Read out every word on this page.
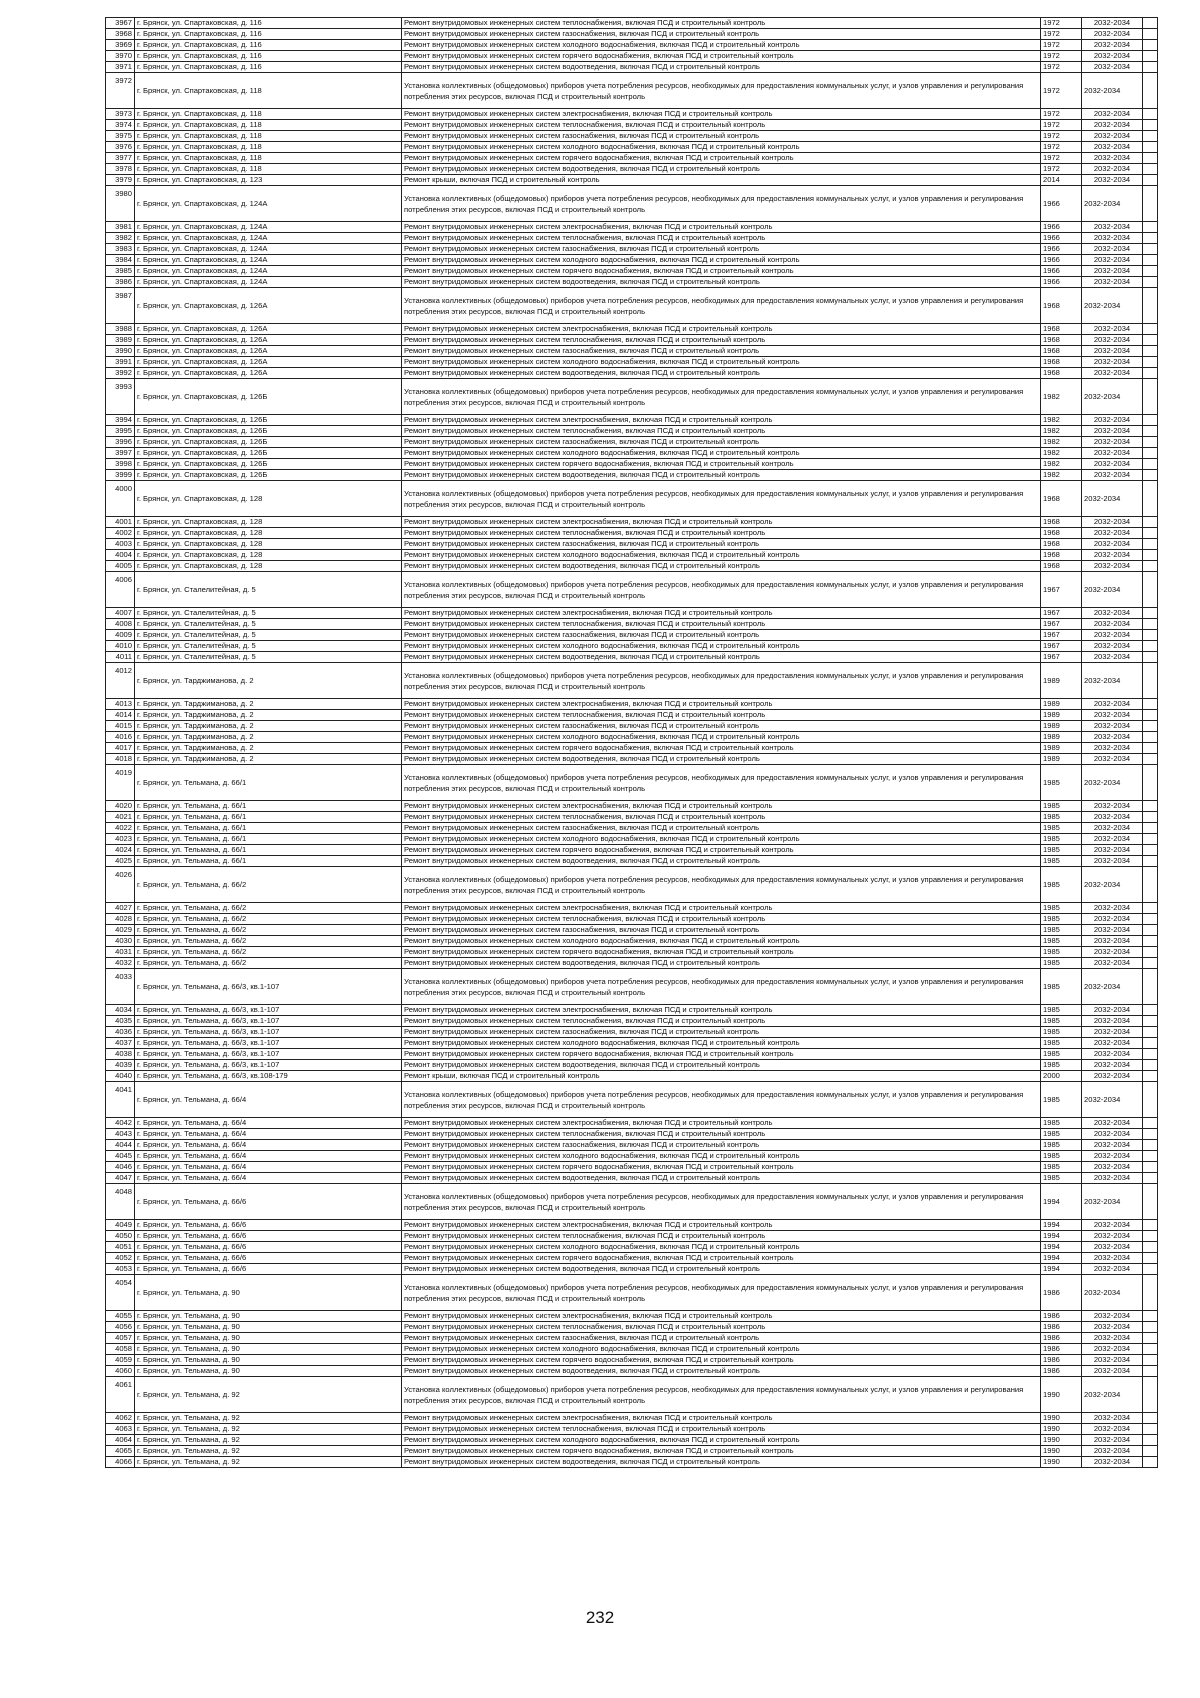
3967	г. Брянск, ул. Спартаковская, д. 116	Ремонт внутридомовых инженерных систем теплоснабжения, включая ПСД и строительный контроль	1972	2032-2034	
3968	г. Брянск, ул. Спартаковская, д. 116	Ремонт внутридомовых инженерных систем газоснабжения, включая ПСД и строительный контроль	1972	2032-2034	
3969	г. Брянск, ул. Спартаковская, д. 116	Ремонт внутридомовых инженерных систем холодного водоснабжения, включая ПСД и строительный контроль	1972	2032-2034	
3970	г. Брянск, ул. Спартаковская, д. 116	Ремонт внутридомовых инженерных систем горячего водоснабжения, включая ПСД и строительный контроль	1972	2032-2034	
3971	г. Брянск, ул. Спартаковская, д. 116	Ремонт внутридомовых инженерных систем водоотведения, включая ПСД и строительный контроль	1972	2032-2034	
3972	г. Брянск, ул. Спартаковская, д. 118	Установка коллективных (общедомовых) приборов учета потребления ресурсов, необходимых для предоставления коммунальных услуг, и узлов управления и регулирования потребления этих ресурсов, включая ПСД и строительный контроль	1972	2032-2034	
3973	г. Брянск, ул. Спартаковская, д. 118	Ремонт внутридомовых инженерных систем электроснабжения, включая ПСД и строительный контроль	1972	2032-2034	
3974	г. Брянск, ул. Спартаковская, д. 118	Ремонт внутридомовых инженерных систем теплоснабжения, включая ПСД и строительный контроль	1972	2032-2034	
3975	г. Брянск, ул. Спартаковская, д. 118	Ремонт внутридомовых инженерных систем газоснабжения, включая ПСД и строительный контроль	1972	2032-2034	
3976	г. Брянск, ул. Спартаковская, д. 118	Ремонт внутридомовых инженерных систем холодного водоснабжения, включая ПСД и строительный контроль	1972	2032-2034	
3977	г. Брянск, ул. Спартаковская, д. 118	Ремонт внутридомовых инженерных систем горячего водоснабжения, включая ПСД и строительный контроль	1972	2032-2034	
3978	г. Брянск, ул. Спартаковская, д. 118	Ремонт внутридомовых инженерных систем водоотведения, включая ПСД и строительный контроль	1972	2032-2034	
3979	г. Брянск, ул. Спартаковская, д. 123	Ремонт крыши, включая ПСД и строительный контроль	2014	2032-2034	
3980	г. Брянск, ул. Спартаковская, д. 124А	Установка коллективных (общедомовых) приборов учета потребления ресурсов, необходимых для предоставления коммунальных услуг, и узлов управления и регулирования потребления этих ресурсов, включая ПСД и строительный контроль	1966	2032-2034	
3981	г. Брянск, ул. Спартаковская, д. 124А	Ремонт внутридомовых инженерных систем электроснабжения, включая ПСД и строительный контроль	1966	2032-2034	
3982	г. Брянск, ул. Спартаковская, д. 124А	Ремонт внутридомовых инженерных систем теплоснабжения, включая ПСД и строительный контроль	1966	2032-2034	
3983	г. Брянск, ул. Спартаковская, д. 124А	Ремонт внутридомовых инженерных систем газоснабжения, включая ПСД и строительный контроль	1966	2032-2034	
3984	г. Брянск, ул. Спартаковская, д. 124А	Ремонт внутридомовых инженерных систем холодного водоснабжения, включая ПСД и строительный контроль	1966	2032-2034	
3985	г. Брянск, ул. Спартаковская, д. 124А	Ремонт внутридомовых инженерных систем горячего водоснабжения, включая ПСД и строительный контроль	1966	2032-2034	
3986	г. Брянск, ул. Спартаковская, д. 124А	Ремонт внутридомовых инженерных систем водоотведения, включая ПСД и строительный контроль	1966	2032-2034	
3987	г. Брянск, ул. Спартаковская, д. 126А	Установка коллективных (общедомовых) приборов учета потребления ресурсов, необходимых для предоставления коммунальных услуг, и узлов управления и регулирования потребления этих ресурсов, включая ПСД и строительный контроль	1968	2032-2034	
3988	г. Брянск, ул. Спартаковская, д. 126А	Ремонт внутридомовых инженерных систем электроснабжения, включая ПСД и строительный контроль	1968	2032-2034	
3989	г. Брянск, ул. Спартаковская, д. 126А	Ремонт внутридомовых инженерных систем теплоснабжения, включая ПСД и строительный контроль	1968	2032-2034	
3990	г. Брянск, ул. Спартаковская, д. 126А	Ремонт внутридомовых инженерных систем газоснабжения, включая ПСД и строительный контроль	1968	2032-2034	
3991	г. Брянск, ул. Спартаковская, д. 126А	Ремонт внутридомовых инженерных систем холодного водоснабжения, включая ПСД и строительный контроль	1968	2032-2034	
3992	г. Брянск, ул. Спартаковская, д. 126А	Ремонт внутридомовых инженерных систем водоотведения, включая ПСД и строительный контроль	1968	2032-2034	
3993	г. Брянск, ул. Спартаковская, д. 126Б	Установка коллективных (общедомовых) приборов учета потребления ресурсов, необходимых для предоставления коммунальных услуг, и узлов управления и регулирования потребления этих ресурсов, включая ПСД и строительный контроль	1982	2032-2034	
3994	г. Брянск, ул. Спартаковская, д. 126Б	Ремонт внутридомовых инженерных систем электроснабжения, включая ПСД и строительный контроль	1982	2032-2034	
3995	г. Брянск, ул. Спартаковская, д. 126Б	Ремонт внутридомовых инженерных систем теплоснабжения, включая ПСД и строительный контроль	1982	2032-2034	
3996	г. Брянск, ул. Спартаковская, д. 126Б	Ремонт внутридомовых инженерных систем газоснабжения, включая ПСД и строительный контроль	1982	2032-2034	
3997	г. Брянск, ул. Спартаковская, д. 126Б	Ремонт внутридомовых инженерных систем холодного водоснабжения, включая ПСД и строительный контроль	1982	2032-2034	
3998	г. Брянск, ул. Спартаковская, д. 126Б	Ремонт внутридомовых инженерных систем горячего водоснабжения, включая ПСД и строительный контроль	1982	2032-2034	
3999	г. Брянск, ул. Спартаковская, д. 126Б	Ремонт внутридомовых инженерных систем водоотведения, включая ПСД и строительный контроль	1982	2032-2034	
4000	г. Брянск, ул. Спартаковская, д. 128	Установка коллективных (общедомовых) приборов учета потребления ресурсов, необходимых для предоставления коммунальных услуг, и узлов управления и регулирования потребления этих ресурсов, включая ПСД и строительный контроль	1968	2032-2034	
4001	г. Брянск, ул. Спартаковская, д. 128	Ремонт внутридомовых инженерных систем электроснабжения, включая ПСД и строительный контроль	1968	2032-2034	
4002	г. Брянск, ул. Спартаковская, д. 128	Ремонт внутридомовых инженерных систем теплоснабжения, включая ПСД и строительный контроль	1968	2032-2034	
4003	г. Брянск, ул. Спартаковская, д. 128	Ремонт внутридомовых инженерных систем газоснабжения, включая ПСД и строительный контроль	1968	2032-2034	
4004	г. Брянск, ул. Спартаковская, д. 128	Ремонт внутридомовых инженерных систем холодного водоснабжения, включая ПСД и строительный контроль	1968	2032-2034	
4005	г. Брянск, ул. Спартаковская, д. 128	Ремонт внутридомовых инженерных систем водоотведения, включая ПСД и строительный контроль	1968	2032-2034	
4006	г. Брянск, ул. Сталелитейная, д. 5	Установка коллективных (общедомовых) приборов учета потребления ресурсов, необходимых для предоставления коммунальных услуг, и узлов управления и регулирования потребления этих ресурсов, включая ПСД и строительный контроль	1967	2032-2034	
4007	г. Брянск, ул. Сталелитейная, д. 5	Ремонт внутридомовых инженерных систем электроснабжения, включая ПСД и строительный контроль	1967	2032-2034	
4008	г. Брянск, ул. Сталелитейная, д. 5	Ремонт внутридомовых инженерных систем теплоснабжения, включая ПСД и строительный контроль	1967	2032-2034	
4009	г. Брянск, ул. Сталелитейная, д. 5	Ремонт внутридомовых инженерных систем газоснабжения, включая ПСД и строительный контроль	1967	2032-2034	
4010	г. Брянск, ул. Сталелитейная, д. 5	Ремонт внутридомовых инженерных систем холодного водоснабжения, включая ПСД и строительный контроль	1967	2032-2034	
4011	г. Брянск, ул. Сталелитейная, д. 5	Ремонт внутридомовых инженерных систем водоотведения, включая ПСД и строительный контроль	1967	2032-2034	
4012	г. Брянск, ул. Тарджиманова, д. 2	Установка коллективных (общедомовых) приборов учета потребления ресурсов, необходимых для предоставления коммунальных услуг, и узлов управления и регулирования потребления этих ресурсов, включая ПСД и строительный контроль	1989	2032-2034	
4013	г. Брянск, ул. Тарджиманова, д. 2	Ремонт внутридомовых инженерных систем электроснабжения, включая ПСД и строительный контроль	1989	2032-2034	
4014	г. Брянск, ул. Тарджиманова, д. 2	Ремонт внутридомовых инженерных систем теплоснабжения, включая ПСД и строительный контроль	1989	2032-2034	
4015	г. Брянск, ул. Тарджиманова, д. 2	Ремонт внутридомовых инженерных систем газоснабжения, включая ПСД и строительный контроль	1989	2032-2034	
4016	г. Брянск, ул. Тарджиманова, д. 2	Ремонт внутридомовых инженерных систем холодного водоснабжения, включая ПСД и строительный контроль	1989	2032-2034	
4017	г. Брянск, ул. Тарджиманова, д. 2	Ремонт внутридомовых инженерных систем горячего водоснабжения, включая ПСД и строительный контроль	1989	2032-2034	
4018	г. Брянск, ул. Тарджиманова, д. 2	Ремонт внутридомовых инженерных систем водоотведения, включая ПСД и строительный контроль	1989	2032-2034	
4019	г. Брянск, ул. Тельмана, д. 66/1	Установка коллективных (общедомовых) приборов учета потребления ресурсов, необходимых для предоставления коммунальных услуг, и узлов управления и регулирования потребления этих ресурсов, включая ПСД и строительный контроль	1985	2032-2034	
4020	г. Брянск, ул. Тельмана, д. 66/1	Ремонт внутридомовых инженерных систем электроснабжения, включая ПСД и строительный контроль	1985	2032-2034	
4021	г. Брянск, ул. Тельмана, д. 66/1	Ремонт внутридомовых инженерных систем теплоснабжения, включая ПСД и строительный контроль	1985	2032-2034	
4022	г. Брянск, ул. Тельмана, д. 66/1	Ремонт внутридомовых инженерных систем газоснабжения, включая ПСД и строительный контроль	1985	2032-2034	
4023	г. Брянск, ул. Тельмана, д. 66/1	Ремонт внутридомовых инженерных систем холодного водоснабжения, включая ПСД и строительный контроль	1985	2032-2034	
4024	г. Брянск, ул. Тельмана, д. 66/1	Ремонт внутридомовых инженерных систем горячего водоснабжения, включая ПСД и строительный контроль	1985	2032-2034	
4025	г. Брянск, ул. Тельмана, д. 66/1	Ремонт внутридомовых инженерных систем водоотведения, включая ПСД и строительный контроль	1985	2032-2034	
4026	г. Брянск, ул. Тельмана, д. 66/2	Установка коллективных (общедомовых) приборов учета потребления ресурсов, необходимых для предоставления коммунальных услуг, и узлов управления и регулирования потребления этих ресурсов, включая ПСД и строительный контроль	1985	2032-2034	
4027	г. Брянск, ул. Тельмана, д. 66/2	Ремонт внутридомовых инженерных систем электроснабжения, включая ПСД и строительный контроль	1985	2032-2034	
4028	г. Брянск, ул. Тельмана, д. 66/2	Ремонт внутридомовых инженерных систем теплоснабжения, включая ПСД и строительный контроль	1985	2032-2034	
4029	г. Брянск, ул. Тельмана, д. 66/2	Ремонт внутридомовых инженерных систем газоснабжения, включая ПСД и строительный контроль	1985	2032-2034	
4030	г. Брянск, ул. Тельмана, д. 66/2	Ремонт внутридомовых инженерных систем холодного водоснабжения, включая ПСД и строительный контроль	1985	2032-2034	
4031	г. Брянск, ул. Тельмана, д. 66/2	Ремонт внутридомовых инженерных систем горячего водоснабжения, включая ПСД и строительный контроль	1985	2032-2034	
4032	г. Брянск, ул. Тельмана, д. 66/2	Ремонт внутридомовых инженерных систем водоотведения, включая ПСД и строительный контроль	1985	2032-2034	
4033	г. Брянск, ул. Тельмана, д. 66/3, кв.1-107	Установка коллективных (общедомовых) приборов учета потребления ресурсов, необходимых для предоставления коммунальных услуг, и узлов управления и регулирования потребления этих ресурсов, включая ПСД и строительный контроль	1985	2032-2034	
4034	г. Брянск, ул. Тельмана, д. 66/3, кв.1-107	Ремонт внутридомовых инженерных систем электроснабжения, включая ПСД и строительный контроль	1985	2032-2034	
4035	г. Брянск, ул. Тельмана, д. 66/3, кв.1-107	Ремонт внутридомовых инженерных систем теплоснабжения, включая ПСД и строительный контроль	1985	2032-2034	
4036	г. Брянск, ул. Тельмана, д. 66/3, кв.1-107	Ремонт внутридомовых инженерных систем газоснабжения, включая ПСД и строительный контроль	1985	2032-2034	
4037	г. Брянск, ул. Тельмана, д. 66/3, кв.1-107	Ремонт внутридомовых инженерных систем холодного водоснабжения, включая ПСД и строительный контроль	1985	2032-2034	
4038	г. Брянск, ул. Тельмана, д. 66/3, кв.1-107	Ремонт внутридомовых инженерных систем горячего водоснабжения, включая ПСД и строительный контроль	1985	2032-2034	
4039	г. Брянск, ул. Тельмана, д. 66/3, кв.1-107	Ремонт внутридомовых инженерных систем водоотведения, включая ПСД и строительный контроль	1985	2032-2034	
4040	г. Брянск, ул. Тельмана, д. 66/3, кв.108-179	Ремонт крыши, включая ПСД и строительный контроль	2000	2032-2034	
4041	г. Брянск, ул. Тельмана, д. 66/4	Установка коллективных (общедомовых) приборов учета потребления ресурсов, необходимых для предоставления коммунальных услуг, и узлов управления и регулирования потребления этих ресурсов, включая ПСД и строительный контроль	1985	2032-2034	
4042	г. Брянск, ул. Тельмана, д. 66/4	Ремонт внутридомовых инженерных систем электроснабжения, включая ПСД и строительный контроль	1985	2032-2034	
4043	г. Брянск, ул. Тельмана, д. 66/4	Ремонт внутридомовых инженерных систем теплоснабжения, включая ПСД и строительный контроль	1985	2032-2034	
4044	г. Брянск, ул. Тельмана, д. 66/4	Ремонт внутридомовых инженерных систем газоснабжения, включая ПСД и строительный контроль	1985	2032-2034	
4045	г. Брянск, ул. Тельмана, д. 66/4	Ремонт внутридомовых инженерных систем холодного водоснабжения, включая ПСД и строительный контроль	1985	2032-2034	
4046	г. Брянск, ул. Тельмана, д. 66/4	Ремонт внутридомовых инженерных систем горячего водоснабжения, включая ПСД и строительный контроль	1985	2032-2034	
4047	г. Брянск, ул. Тельмана, д. 66/4	Ремонт внутридомовых инженерных систем водоотведения, включая ПСД и строительный контроль	1985	2032-2034	
4048	г. Брянск, ул. Тельмана, д. 66/6	Установка коллективных (общедомовых) приборов учета потребления ресурсов, необходимых для предоставления коммунальных услуг, и узлов управления и регулирования потребления этих ресурсов, включая ПСД и строительный контроль	1994	2032-2034	
4049	г. Брянск, ул. Тельмана, д. 66/6	Ремонт внутридомовых инженерных систем электроснабжения, включая ПСД и строительный контроль	1994	2032-2034	
4050	г. Брянск, ул. Тельмана, д. 66/6	Ремонт внутридомовых инженерных систем теплоснабжения, включая ПСД и строительный контроль	1994	2032-2034	
4051	г. Брянск, ул. Тельмана, д. 66/6	Ремонт внутридомовых инженерных систем холодного водоснабжения, включая ПСД и строительный контроль	1994	2032-2034	
4052	г. Брянск, ул. Тельмана, д. 66/6	Ремонт внутридомовых инженерных систем горячего водоснабжения, включая ПСД и строительный контроль	1994	2032-2034	
4053	г. Брянск, ул. Тельмана, д. 66/6	Ремонт внутридомовых инженерных систем водоотведения, включая ПСД и строительный контроль	1994	2032-2034	
4054	г. Брянск, ул. Тельмана, д. 90	Установка коллективных (общедомовых) приборов учета потребления ресурсов, необходимых для предоставления коммунальных услуг, и узлов управления и регулирования потребления этих ресурсов, включая ПСД и строительный контроль	1986	2032-2034	
4055	г. Брянск, ул. Тельмана, д. 90	Ремонт внутридомовых инженерных систем электроснабжения, включая ПСД и строительный контроль	1986	2032-2034	
4056	г. Брянск, ул. Тельмана, д. 90	Ремонт внутридомовых инженерных систем теплоснабжения, включая ПСД и строительный контроль	1986	2032-2034	
4057	г. Брянск, ул. Тельмана, д. 90	Ремонт внутридомовых инженерных систем газоснабжения, включая ПСД и строительный контроль	1986	2032-2034	
4058	г. Брянск, ул. Тельмана, д. 90	Ремонт внутридомовых инженерных систем холодного водоснабжения, включая ПСД и строительный контроль	1986	2032-2034	
4059	г. Брянск, ул. Тельмана, д. 90	Ремонт внутридомовых инженерных систем горячего водоснабжения, включая ПСД и строительный контроль	1986	2032-2034	
4060	г. Брянск, ул. Тельмана, д. 90	Ремонт внутридомовых инженерных систем водоотведения, включая ПСД и строительный контроль	1986	2032-2034	
4061	г. Брянск, ул. Тельмана, д. 92	Установка коллективных (общедомовых) приборов учета потребления ресурсов, необходимых для предоставления коммунальных услуг, и узлов управления и регулирования потребления этих ресурсов, включая ПСД и строительный контроль	1990	2032-2034	
4062	г. Брянск, ул. Тельмана, д. 92	Ремонт внутридомовых инженерных систем электроснабжения, включая ПСД и строительный контроль	1990	2032-2034	
4063	г. Брянск, ул. Тельмана, д. 92	Ремонт внутридомовых инженерных систем теплоснабжения, включая ПСД и строительный контроль	1990	2032-2034	
4064	г. Брянск, ул. Тельмана, д. 92	Ремонт внутридомовых инженерных систем холодного водоснабжения, включая ПСД и строительный контроль	1990	2032-2034	
4065	г. Брянск, ул. Тельмана, д. 92	Ремонт внутридомовых инженерных систем горячего водоснабжения, включая ПСД и строительный контроль	1990	2032-2034	
4066	г. Брянск, ул. Тельмана, д. 92	Ремонт внутридомовых инженерных систем водоотведения, включая ПСД и строительный контроль	1990	2032-2034	
232
